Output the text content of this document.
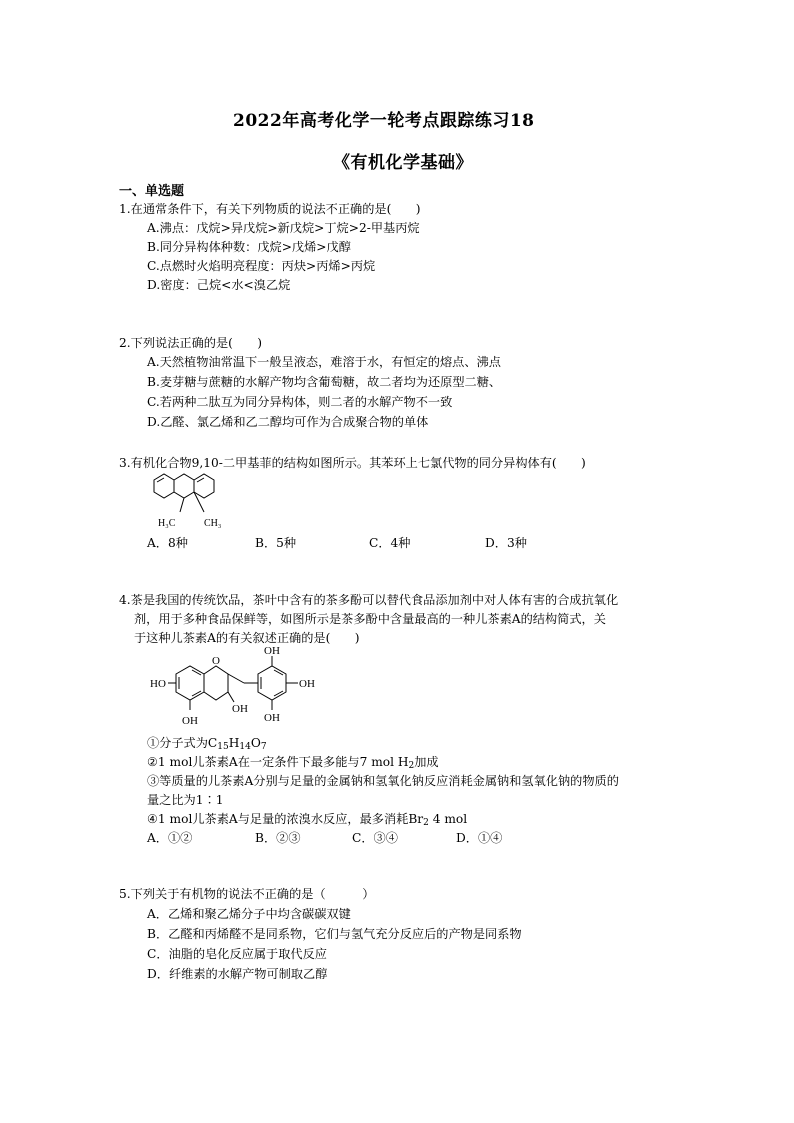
2022年高考化学一轮考点跟踪练习18
《有机化学基础》
一、单选题
1.在通常条件下，有关下列物质的说法不正确的是(　　)
A.沸点：戊烷>异戊烷>新戊烷>丁烷>2-甲基丙烷
B.同分异构体种数：戊烷>戊烯>戊醇
C.点燃时火焰明亮程度：丙炔>丙烯>丙烷
D.密度：己烷<水<溴乙烷
2.下列说法正确的是(　　)
A.天然植物油常温下一般呈液态，难溶于水，有恒定的熔点、沸点
B.麦芽糖与蔗糖的水解产物均含葡萄糖，故二者均为还原型二糖、
C.若两种二肽互为同分异构体，则二者的水解产物不一致
D.乙醛、氯乙烯和乙二醇均可作为合成聚合物的单体
3.有机化合物9,10-二甲基菲的结构如图所示。其苯环上七氯代物的同分异构体有(　　)
H₃C	CH₃
A．8种	B．5种	C．4种	D．3种
4.茶是我国的传统饮品，茶叶中含有的茶多酚可以替代食品添加剂中对人体有害的合成抗氧化
剂，用于多种食品保鲜等，如图所示是茶多酚中含量最高的一种儿茶素A的结构简式，关
于这种儿茶素A的有关叙述正确的是(　　)
HO
O
OH
OH
OH
OH
OH
①分子式为$C_{15}H_{14}O_7$
②1 mol儿茶素A在一定条件下最多能与7 mol $H_2$加成
③等质量的儿茶素A分别与足量的金属钠和氢氧化钠反应消耗金属钠和氢氧化钠的物质的
量之比为1∶1
④1 mol儿茶素A与足量的浓溴水反应，最多消耗$Br_2$ 4 mol
A．①②	B．②③	C．③④	D．①④
5.下列关于有机物的说法不正确的是（　　　）
A．乙烯和聚乙烯分子中均含碳碳双键
B．乙醛和丙烯醛不是同系物，它们与氢气充分反应后的产物是同系物
C．油脂的皂化反应属于取代反应
D．纤维素的水解产物可制取乙醇
